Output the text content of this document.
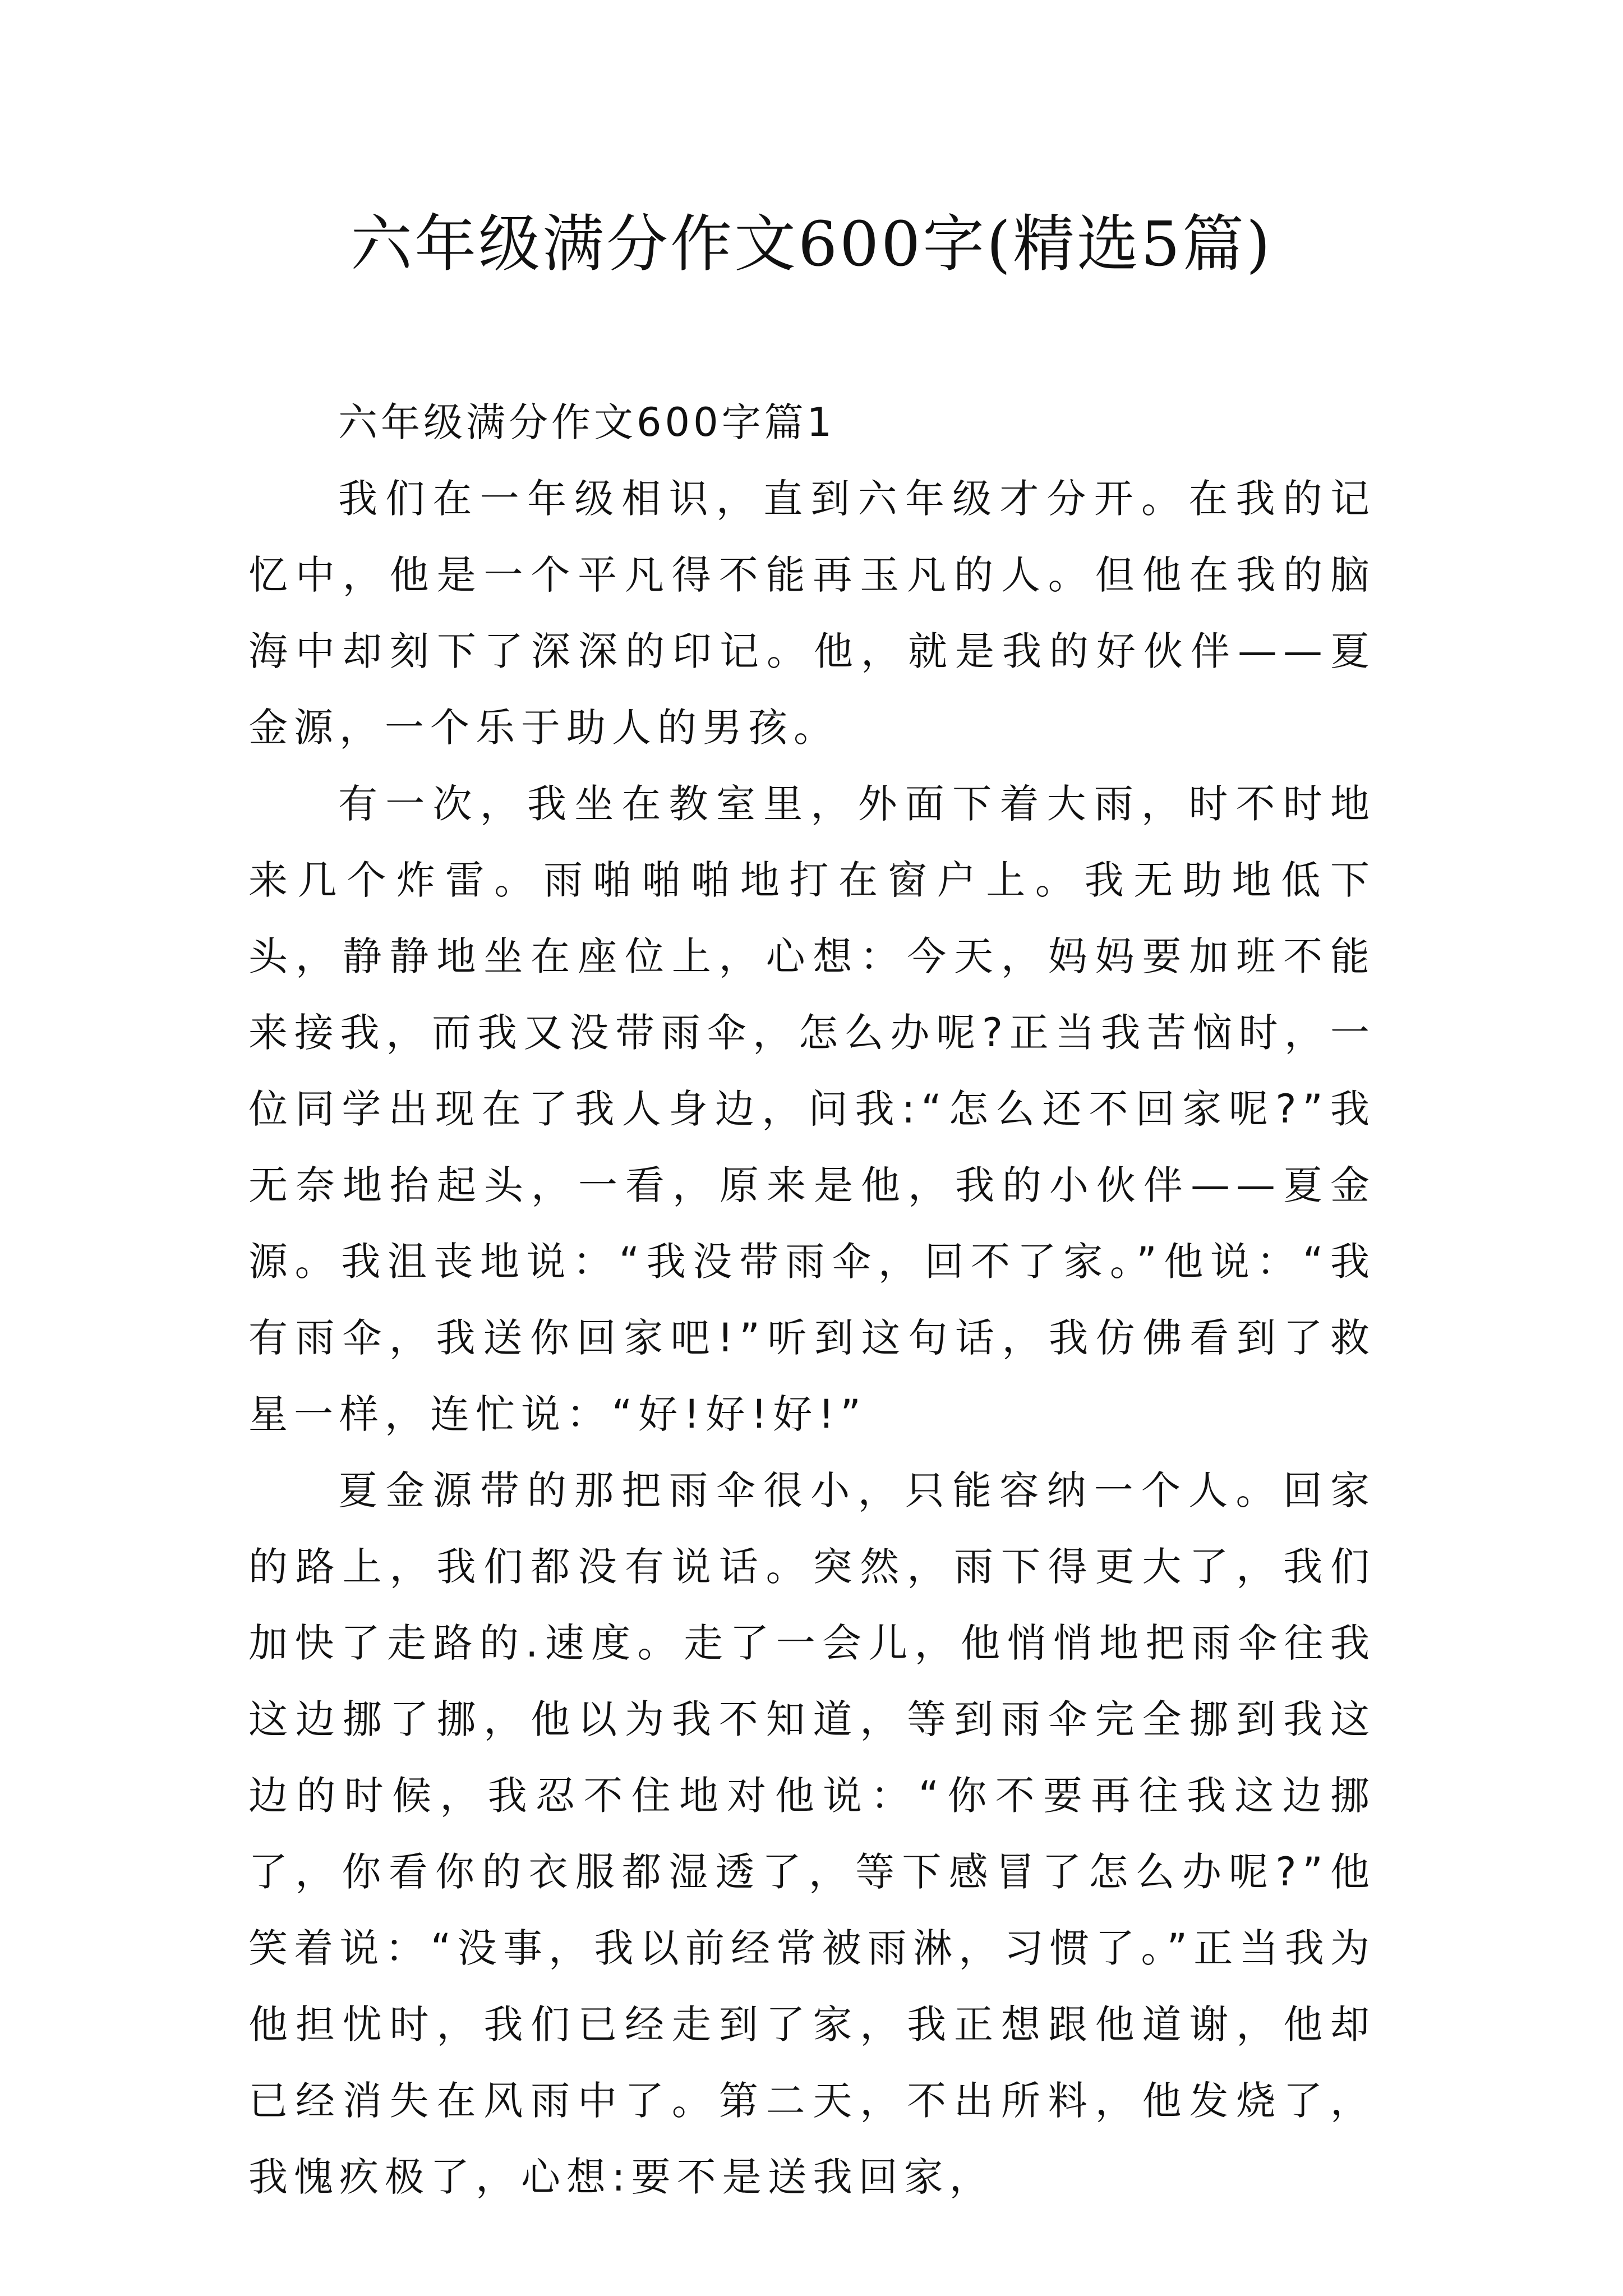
六年级满分作文600字(精选5篇)

六年级满分作文600字篇1

我们在一年级相识，直到六年级才分开。在我的记忆中，他是一个平凡得不能再玉凡的人。但他在我的脑海中却刻下了深深的印记。他，就是我的好伙伴——夏金源，一个乐于助人的男孩。

有一次，我坐在教室里，外面下着大雨，时不时地来几个炸雷。雨啪啪啪地打在窗户上。我无助地低下头，静静地坐在座位上，心想：今天，妈妈要加班不能来接我，而我又没带雨伞，怎么办呢?正当我苦恼时，一位同学出现在了我人身边，问我:“怎么还不回家呢?”我无奈地抬起头，一看，原来是他，我的小伙伴——夏金源。我沮丧地说：“我没带雨伞，回不了家。”他说：“我有雨伞，我送你回家吧!”听到这句话，我仿佛看到了救星一样，连忙说：“好!好!好!”

夏金源带的那把雨伞很小，只能容纳一个人。回家的路上，我们都没有说话。突然，雨下得更大了，我们加快了走路的.速度。走了一会儿，他悄悄地把雨伞往我这边挪了挪，他以为我不知道，等到雨伞完全挪到我这边的时候，我忍不住地对他说：“你不要再往我这边挪了，你看你的衣服都湿透了，等下感冒了怎么办呢?”他笑着说：“没事，我以前经常被雨淋，习惯了。”正当我为他担忧时，我们已经走到了家，我正想跟他道谢，他却已经消失在风雨中了。第二天，不出所料，他发烧了，我愧疚极了，心想:要不是送我回家，
